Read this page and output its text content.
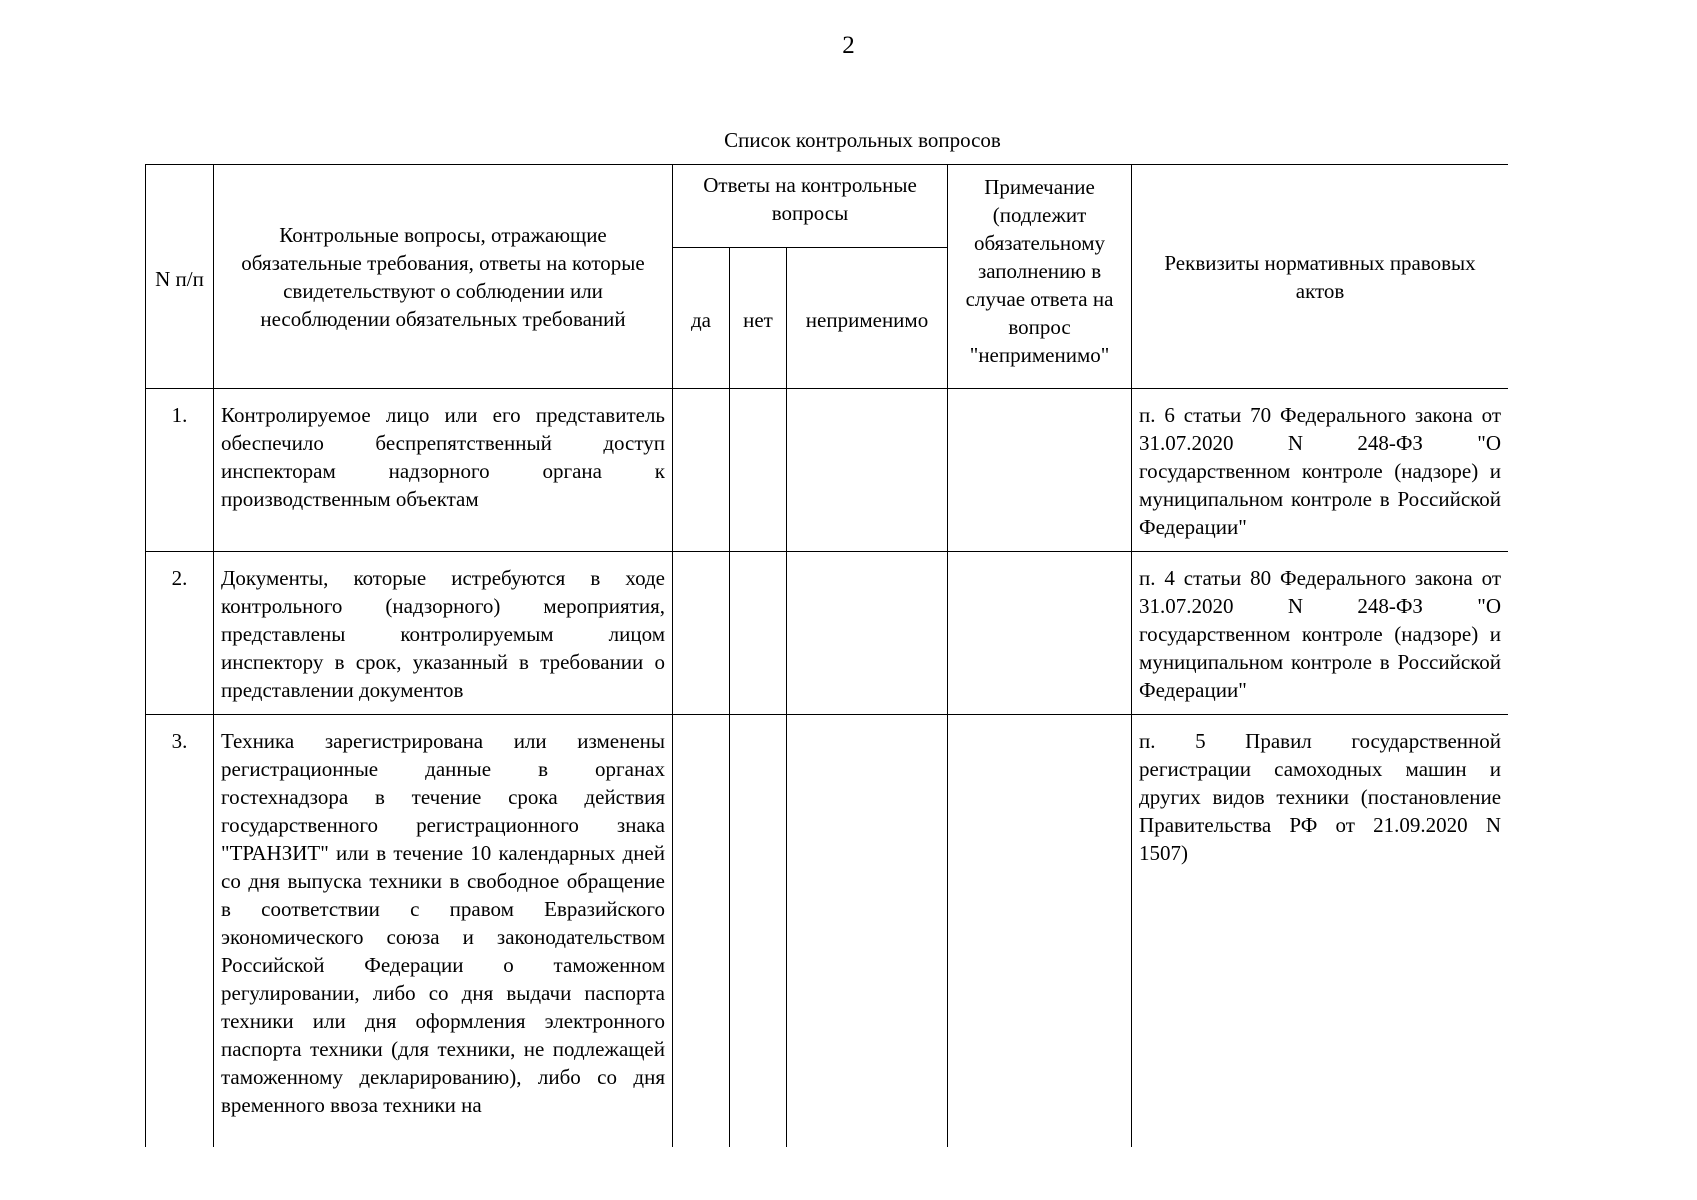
2
Список контрольных вопросов
N п/п	Контрольные вопросы, отражающие обязательные требования, ответы на которые свидетельствуют о соблюдении или несоблюдении обязательных требований	Ответы на контрольные вопросы			Примечание (подлежит обязательному заполнению в случае ответа на вопрос "неприменимо"	Реквизиты нормативных правовых актов
		да	нет	неприменимо		
1.	Контролируемое лицо или его представитель обеспечило беспрепятственный доступ инспекторам надзорного органа к производственным объектам					п. 6 статьи 70 Федерального закона от 31.07.2020 N 248-ФЗ "О государственном контроле (надзоре) и муниципальном контроле в Российской Федерации"
2.	Документы, которые истребуются в ходе контрольного (надзорного) мероприятия, представлены контролируемым лицом инспектору в срок, указанный в требовании о представлении документов					п. 4 статьи 80 Федерального закона от 31.07.2020 N 248-ФЗ "О государственном контроле (надзоре) и муниципальном контроле в Российской Федерации"
3.	Техника зарегистрирована или изменены регистрационные данные в органах гостехнадзора в течение срока действия государственного регистрационного знака "ТРАНЗИТ" или в течение 10 календарных дней со дня выпуска техники в свободное обращение в соответствии с правом Евразийского экономического союза и законодательством Российской Федерации о таможенном регулировании, либо со дня выдачи паспорта техники или дня оформления электронного паспорта техники (для техники, не подлежащей таможенному декларированию), либо со дня временного ввоза техники на					п. 5 Правил государственной регистрации самоходных машин и других видов техники (постановление Правительства РФ от 21.09.2020 N 1507)
